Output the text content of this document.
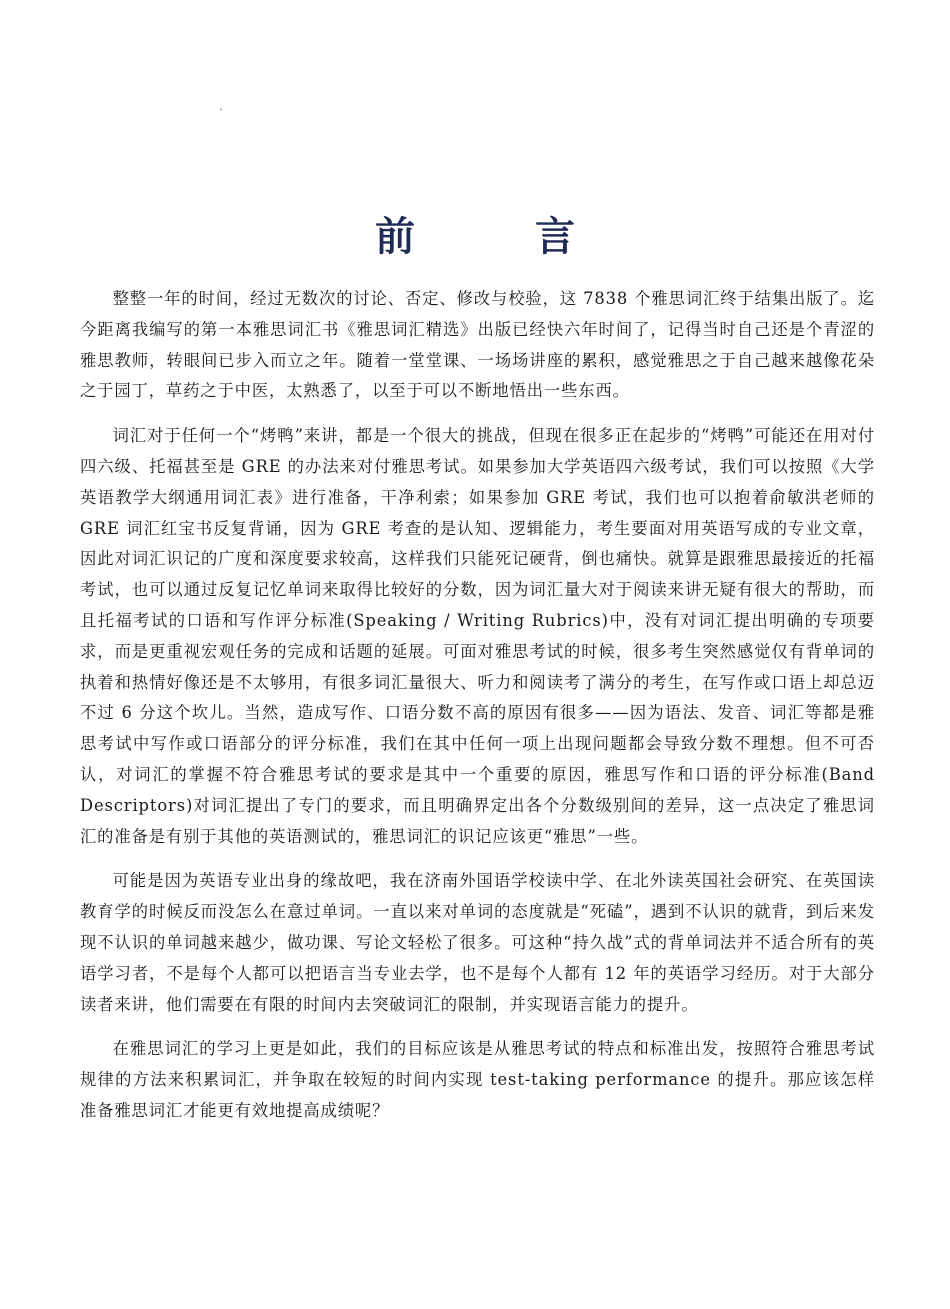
`
前　言

整整一年的时间，经过无数次的讨论、否定、修改与校验，这 7838 个雅思词汇终于结集出版了。迄今距离我编写的第一本雅思词汇书《雅思词汇精选》出版已经快六年时间了，记得当时自己还是个青涩的雅思教师，转眼间已步入而立之年。随着一堂堂课、一场场讲座的累积，感觉雅思之于自己越来越像花朵之于园丁，草药之于中医，太熟悉了，以至于可以不断地悟出一些东西。

词汇对于任何一个“烤鸭”来讲，都是一个很大的挑战，但现在很多正在起步的“烤鸭”可能还在用对付四六级、托福甚至是 GRE 的办法来对付雅思考试。如果参加大学英语四六级考试，我们可以按照《大学英语教学大纲通用词汇表》进行准备，干净利索；如果参加 GRE 考试，我们也可以抱着俞敏洪老师的 GRE 词汇红宝书反复背诵，因为 GRE 考查的是认知、逻辑能力，考生要面对用英语写成的专业文章，因此对词汇识记的广度和深度要求较高，这样我们只能死记硬背，倒也痛快。就算是跟雅思最接近的托福考试，也可以通过反复记忆单词来取得比较好的分数，因为词汇量大对于阅读来讲无疑有很大的帮助，而且托福考试的口语和写作评分标准(Speaking / Writing Rubrics)中，没有对词汇提出明确的专项要求，而是更重视宏观任务的完成和话题的延展。可面对雅思考试的时候，很多考生突然感觉仅有背单词的执着和热情好像还是不太够用，有很多词汇量很大、听力和阅读考了满分的考生，在写作或口语上却总迈不过 6 分这个坎儿。当然，造成写作、口语分数不高的原因有很多——因为语法、发音、词汇等都是雅思考试中写作或口语部分的评分标准，我们在其中任何一项上出现问题都会导致分数不理想。但不可否认，对词汇的掌握不符合雅思考试的要求是其中一个重要的原因，雅思写作和口语的评分标准(Band Descriptors)对词汇提出了专门的要求，而且明确界定出各个分数级别间的差异，这一点决定了雅思词汇的准备是有别于其他的英语测试的，雅思词汇的识记应该更“雅思”一些。

可能是因为英语专业出身的缘故吧，我在济南外国语学校读中学、在北外读英国社会研究、在英国读教育学的时候反而没怎么在意过单词。一直以来对单词的态度就是“死磕”，遇到不认识的就背，到后来发现不认识的单词越来越少，做功课、写论文轻松了很多。可这种“持久战”式的背单词法并不适合所有的英语学习者，不是每个人都可以把语言当专业去学，也不是每个人都有 12 年的英语学习经历。对于大部分读者来讲，他们需要在有限的时间内去突破词汇的限制，并实现语言能力的提升。

在雅思词汇的学习上更是如此，我们的目标应该是从雅思考试的特点和标准出发，按照符合雅思考试规律的方法来积累词汇，并争取在较短的时间内实现 test-taking performance 的提升。那应该怎样准备雅思词汇才能更有效地提高成绩呢？
